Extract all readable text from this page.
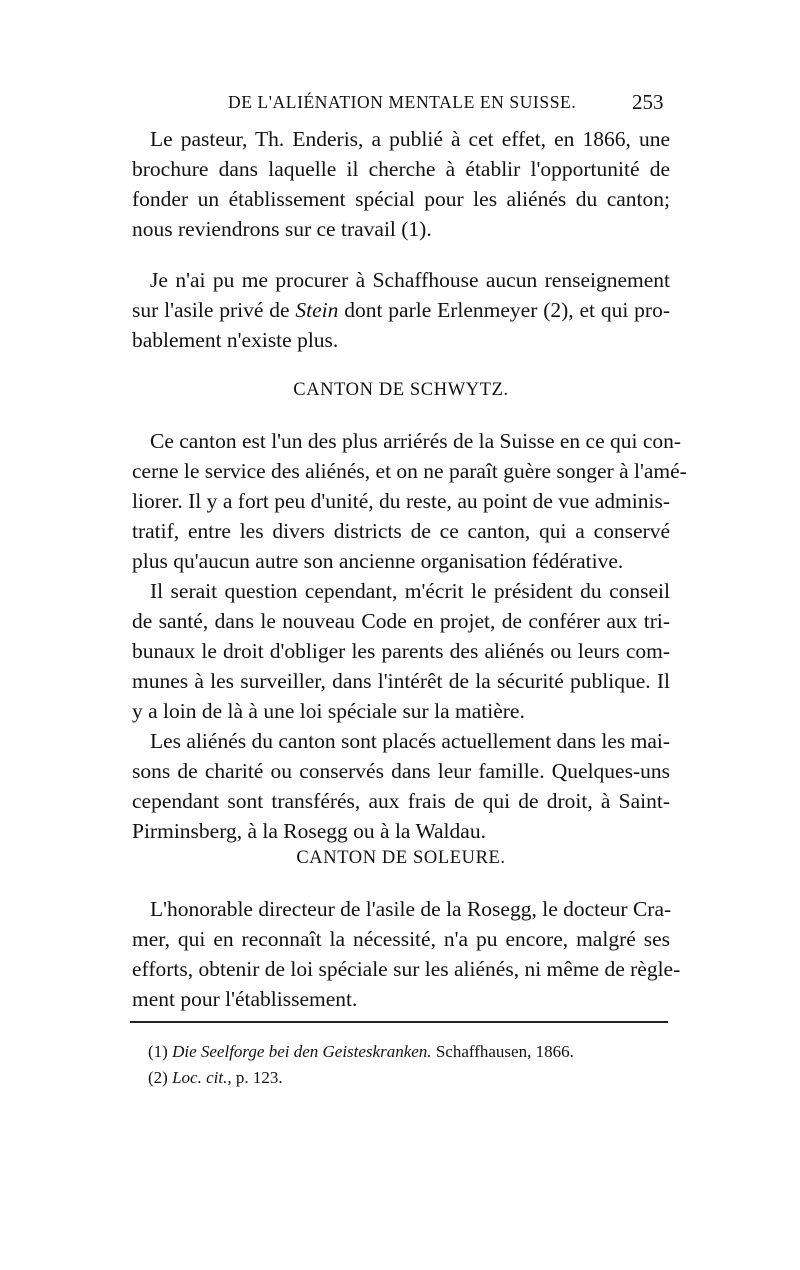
DE L'ALIÉNATION MENTALE EN SUISSE.	253
Le pasteur, Th. Enderis, a publié à cet effet, en 1866, une
brochure dans laquelle il cherche à établir l'opportunité de
fonder un établissement spécial pour les aliénés du canton;
nous reviendrons sur ce travail (1).
Je n'ai pu me procurer à Schaffhouse aucun renseignement
sur l'asile privé de Stein dont parle Erlenmeyer (2), et qui pro-
bablement n'existe plus.
CANTON DE SCHWYTZ.
Ce canton est l'un des plus arriérés de la Suisse en ce qui con-
cerne le service des aliénés, et on ne paraît guère songer à l'amé-
liorer. Il y a fort peu d'unité, du reste, au point de vue adminis-
tratif, entre les divers districts de ce canton, qui a conservé
plus qu'aucun autre son ancienne organisation fédérative.
Il serait question cependant, m'écrit le président du conseil
de santé, dans le nouveau Code en projet, de conférer aux tri-
bunaux le droit d'obliger les parents des aliénés ou leurs com-
munes à les surveiller, dans l'intérêt de la sécurité publique. Il
y a loin de là à une loi spéciale sur la matière.
Les aliénés du canton sont placés actuellement dans les mai-
sons de charité ou conservés dans leur famille. Quelques-uns
cependant sont transférés, aux frais de qui de droit, à Saint-
Pirminsberg, à la Rosegg ou à la Waldau.
CANTON DE SOLEURE.
L'honorable directeur de l'asile de la Rosegg, le docteur Cra-
mer, qui en reconnaît la nécessité, n'a pu encore, malgré ses
efforts, obtenir de loi spéciale sur les aliénés, ni même de règle-
ment pour l'établissement.
(1) Die Seelforge bei den Geisteskranken. Schaffhausen, 1866.
(2) Loc. cit., p. 123.
